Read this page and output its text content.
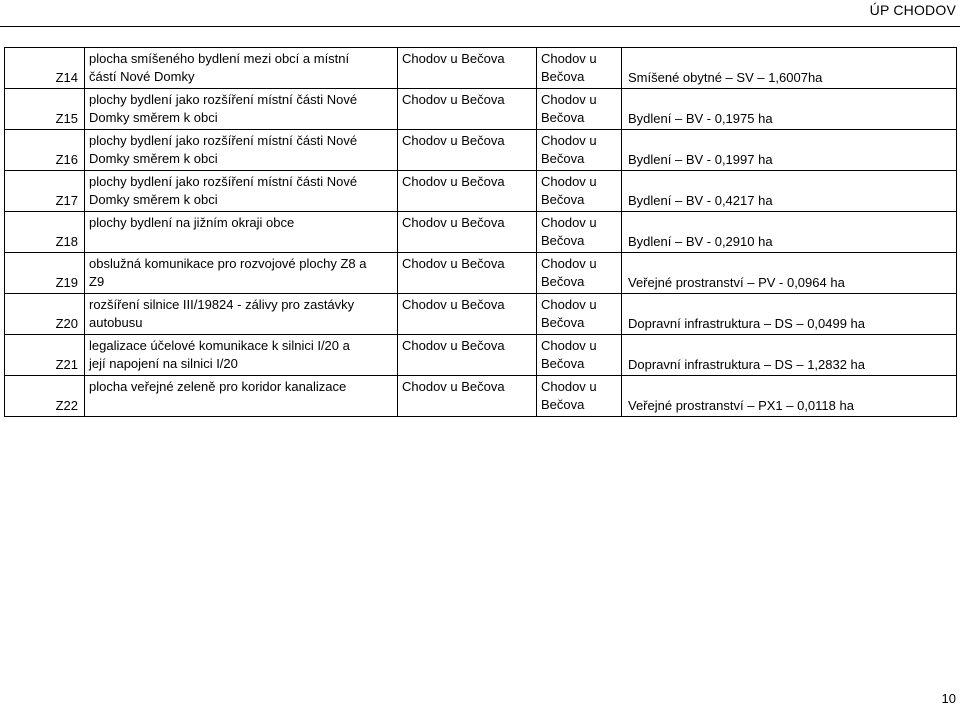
ÚP CHODOV
Z14	plocha smíšeného bydlení mezi obcí a místní
částí Nové Domky	Chodov u Bečova	Chodov u
Bečova	Smíšené obytné – SV – 1,6007ha
Z15	plochy bydlení jako rozšíření místní části Nové
Domky směrem k obci	Chodov u Bečova	Chodov u
Bečova	Bydlení – BV - 0,1975 ha
Z16	plochy bydlení jako rozšíření místní části Nové
Domky směrem k obci	Chodov u Bečova	Chodov u
Bečova	Bydlení – BV - 0,1997 ha
Z17	plochy bydlení jako rozšíření místní části Nové
Domky směrem k obci	Chodov u Bečova	Chodov u
Bečova	Bydlení – BV - 0,4217 ha
Z18	plochy bydlení na jižním okraji obce	Chodov u Bečova	Chodov u
Bečova	Bydlení – BV - 0,2910 ha
Z19	obslužná komunikace pro rozvojové plochy Z8 a
Z9	Chodov u Bečova	Chodov u
Bečova	Veřejné prostranství – PV - 0,0964 ha
Z20	rozšíření silnice III/19824 - zálivy pro zastávky
autobusu	Chodov u Bečova	Chodov u
Bečova	Dopravní infrastruktura – DS – 0,0499 ha
Z21	legalizace účelové komunikace k silnici I/20 a
její napojení na silnici I/20	Chodov u Bečova	Chodov u
Bečova	Dopravní infrastruktura – DS – 1,2832 ha
Z22	plocha veřejné zeleně pro koridor kanalizace	Chodov u Bečova	Chodov u
Bečova	Veřejné prostranství – PX1 – 0,0118 ha
10
